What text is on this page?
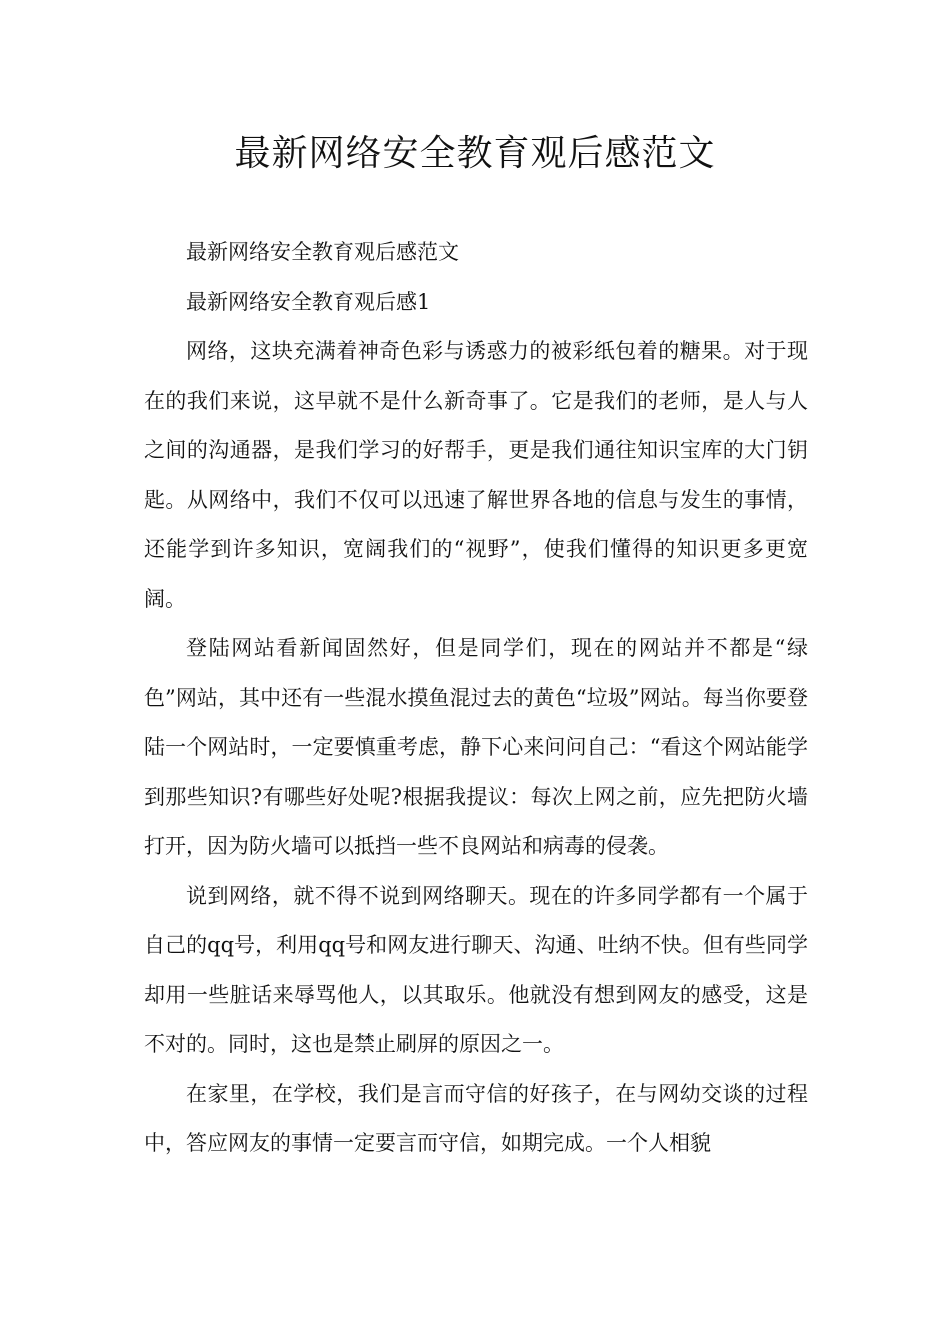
最新网络安全教育观后感范文

最新网络安全教育观后感范文

最新网络安全教育观后感1

网络，这块充满着神奇色彩与诱惑力的被彩纸包着的糖果。对于现在的我们来说，这早就不是什么新奇事了。它是我们的老师，是人与人之间的沟通器，是我们学习的好帮手，更是我们通往知识宝库的大门钥匙。从网络中，我们不仅可以迅速了解世界各地的信息与发生的事情，还能学到许多知识，宽阔我们的“视野”，使我们懂得的知识更多更宽阔。

登陆网站看新闻固然好，但是同学们，现在的网站并不都是“绿色”网站，其中还有一些混水摸鱼混过去的黄色“垃圾”网站。每当你要登陆一个网站时，一定要慎重考虑，静下心来问问自己：“看这个网站能学到那些知识?有哪些好处呢?根据我提议：每次上网之前，应先把防火墙打开，因为防火墙可以抵挡一些不良网站和病毒的侵袭。

说到网络，就不得不说到网络聊天。现在的许多同学都有一个属于自己的qq号，利用qq号和网友进行聊天、沟通、吐纳不快。但有些同学却用一些脏话来辱骂他人，以其取乐。他就没有想到网友的感受，这是不对的。同时，这也是禁止刷屏的原因之一。

在家里，在学校，我们是言而守信的好孩子，在与网幼交谈的过程中，答应网友的事情一定要言而守信，如期完成。一个人相貌
